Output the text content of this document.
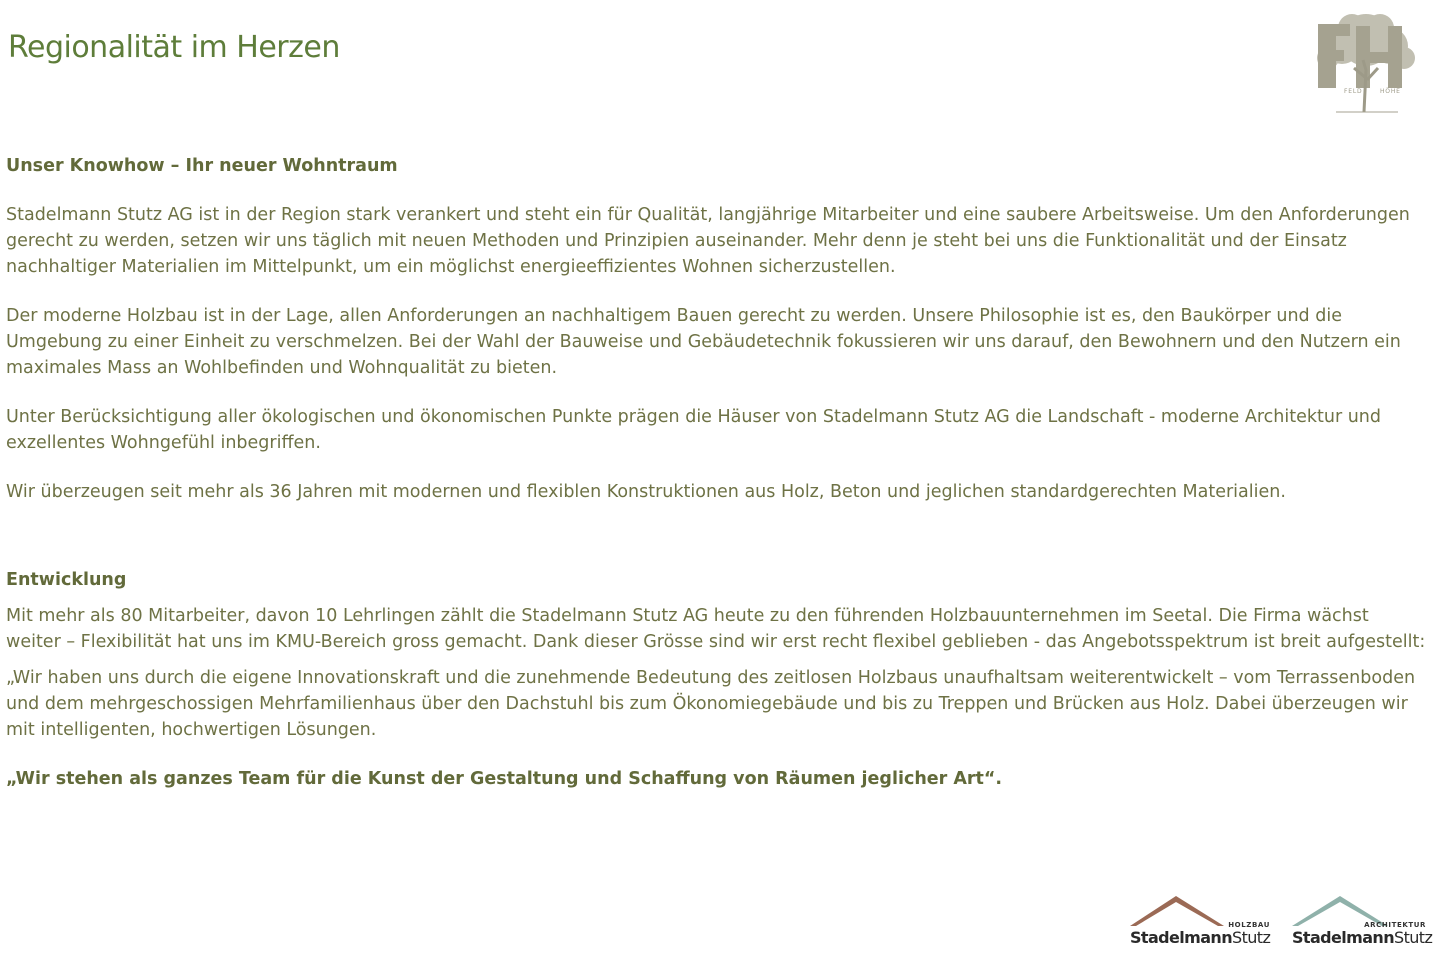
Regionalität im Herzen
FELD	HÖHE

Unser Knowhow – Ihr neuer Wohntraum

Stadelmann Stutz AG ist in der Region stark verankert und steht ein für Qualität, langjährige Mitarbeiter und eine saubere Arbeitsweise. Um den Anforderungen gerecht zu werden, setzen wir uns täglich mit neuen Methoden und Prinzipien auseinander. Mehr denn je steht bei uns die Funktionalität und der Einsatz nachhaltiger Materialien im Mittelpunkt, um ein möglichst energieeffizientes Wohnen sicherzustellen.

Der moderne Holzbau ist in der Lage, allen Anforderungen an nachhaltigem Bauen gerecht zu werden. Unsere Philosophie ist es, den Baukörper und die Umgebung zu einer Einheit zu verschmelzen. Bei der Wahl der Bauweise und Gebäudetechnik fokussieren wir uns darauf, den Bewohnern und den Nutzern ein maximales Mass an Wohlbefinden und Wohnqualität zu bieten.

Unter Berücksichtigung aller ökologischen und ökonomischen Punkte prägen die Häuser von Stadelmann Stutz AG die Landschaft - moderne Architektur und exzellentes Wohngefühl inbegriffen.

Wir überzeugen seit mehr als 36 Jahren mit modernen und flexiblen Konstruktionen aus Holz, Beton und jeglichen standardgerechten Materialien.

Entwicklung

Mit mehr als 80 Mitarbeiter, davon 10 Lehrlingen zählt die Stadelmann Stutz AG heute zu den führenden Holzbauunternehmen im Seetal. Die Firma wächst weiter – Flexibilität hat uns im KMU-Bereich gross gemacht. Dank dieser Grösse sind wir erst recht flexibel geblieben - das Angebotsspektrum ist breit aufgestellt:

„Wir haben uns durch die eigene Innovationskraft und die zunehmende Bedeutung des zeitlosen Holzbaus unaufhaltsam weiterentwickelt – vom Terrassenboden und dem mehrgeschossigen Mehrfamilienhaus über den Dachstuhl bis zum Ökonomiegebäude und bis zu Treppen und Brücken aus Holz. Dabei überzeugen wir mit intelligenten, hochwertigen Lösungen.

„Wir stehen als ganzes Team für die Kunst der Gestaltung und Schaffung von Räumen jeglicher Art“.

HOLZBAU
StadelmannStutz
ARCHITEKTUR
StadelmannStutz
